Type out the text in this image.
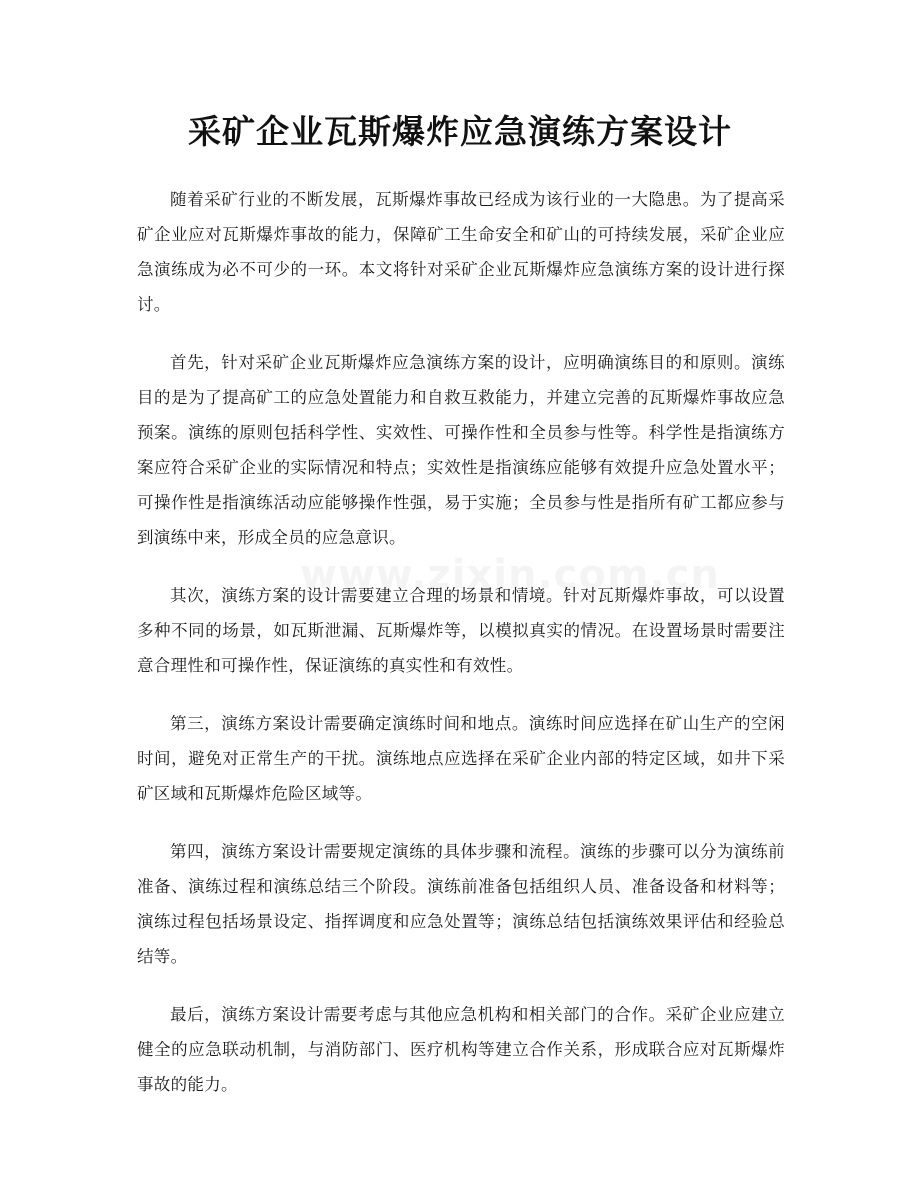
采矿企业瓦斯爆炸应急演练方案设计

随着采矿行业的不断发展，瓦斯爆炸事故已经成为该行业的一大隐患。为了提高采矿企业应对瓦斯爆炸事故的能力，保障矿工生命安全和矿山的可持续发展，采矿企业应急演练成为必不可少的一环。本文将针对采矿企业瓦斯爆炸应急演练方案的设计进行探讨。

首先，针对采矿企业瓦斯爆炸应急演练方案的设计，应明确演练目的和原则。演练目的是为了提高矿工的应急处置能力和自救互救能力，并建立完善的瓦斯爆炸事故应急预案。演练的原则包括科学性、实效性、可操作性和全员参与性等。科学性是指演练方案应符合采矿企业的实际情况和特点；实效性是指演练应能够有效提升应急处置水平；可操作性是指演练活动应能够操作性强，易于实施；全员参与性是指所有矿工都应参与到演练中来，形成全员的应急意识。

其次，演练方案的设计需要建立合理的场景和情境。针对瓦斯爆炸事故，可以设置多种不同的场景，如瓦斯泄漏、瓦斯爆炸等，以模拟真实的情况。在设置场景时需要注意合理性和可操作性，保证演练的真实性和有效性。

第三，演练方案设计需要确定演练时间和地点。演练时间应选择在矿山生产的空闲时间，避免对正常生产的干扰。演练地点应选择在采矿企业内部的特定区域，如井下采矿区域和瓦斯爆炸危险区域等。

第四，演练方案设计需要规定演练的具体步骤和流程。演练的步骤可以分为演练前准备、演练过程和演练总结三个阶段。演练前准备包括组织人员、准备设备和材料等；演练过程包括场景设定、指挥调度和应急处置等；演练总结包括演练效果评估和经验总结等。

最后，演练方案设计需要考虑与其他应急机构和相关部门的合作。采矿企业应建立健全的应急联动机制，与消防部门、医疗机构等建立合作关系，形成联合应对瓦斯爆炸事故的能力。
